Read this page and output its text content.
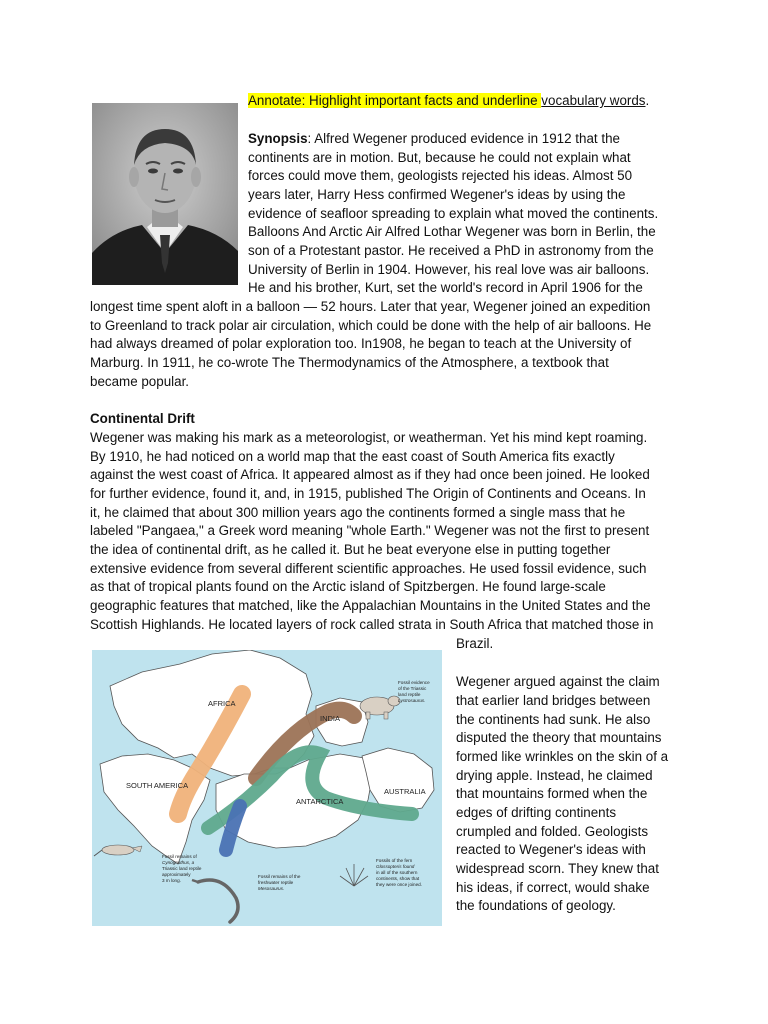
Annotate: Highlight important facts and underline vocabulary words.
Synopsis: Alfred Wegener produced evidence in 1912 that the
continents are in motion. But, because he could not explain what
forces could move them, geologists rejected his ideas. Almost 50
years later, Harry Hess confirmed Wegener's ideas by using the
evidence of seafloor spreading to explain what moved the continents.
Balloons And Arctic Air Alfred Lothar Wegener was born in Berlin, the
son of a Protestant pastor. He received a PhD in astronomy from the
University of Berlin in 1904. However, his real love was air balloons.
He and his brother, Kurt, set the world's record in April 1906 for the
longest time spent aloft in a balloon — 52 hours. Later that year, Wegener joined an expedition
to Greenland to track polar air circulation, which could be done with the help of air balloons. He
had always dreamed of polar exploration too. In1908, he began to teach at the University of
Marburg. In 1911, he co-wrote The Thermodynamics of the Atmosphere, a textbook that
became popular.
Continental Drift
Wegener was making his mark as a meteorologist, or weatherman. Yet his mind kept roaming.
By 1910, he had noticed on a world map that the east coast of South America fits exactly
against the west coast of Africa. It appeared almost as if they had once been joined. He looked
for further evidence, found it, and, in 1915, published The Origin of Continents and Oceans. In
it, he claimed that about 300 million years ago the continents formed a single mass that he
labeled "Pangaea," a Greek word meaning "whole Earth." Wegener was not the first to present
the idea of continental drift, as he called it. But he beat everyone else in putting together
extensive evidence from several different scientific approaches. He used fossil evidence, such
as that of tropical plants found on the Arctic island of Spitzbergen. He found large-scale
geographic features that matched, like the Appalachian Mountains in the United States and the
Scottish Highlands. He located layers of rock called strata in South Africa that matched those in
Brazil.
Wegener argued against the claim
that earlier land bridges between
the continents had sunk. He also
disputed the theory that mountains
formed like wrinkles on the skin of a
drying apple. Instead, he claimed
that mountains formed when the
edges of drifting continents
crumpled and folded. Geologists
reacted to Wegener's ideas with
widespread scorn. They knew that
his ideas, if correct, would shake
the foundations of geology.
AFRICA
INDIA
SOUTH AMERICA
ANTARCTICA
AUSTRALIA
Fossil evidence
of the Triassic
land reptile
Lystrosaurus.
Fossil remains of
Cynognathus, a
Triassic land reptile
approximately
3 m long.
Fossil remains of the
freshwater reptile
Mesosaurus.
Fossils of the fern
Glossopteris found
in all of the southern
continents, show that
they were once joined.
